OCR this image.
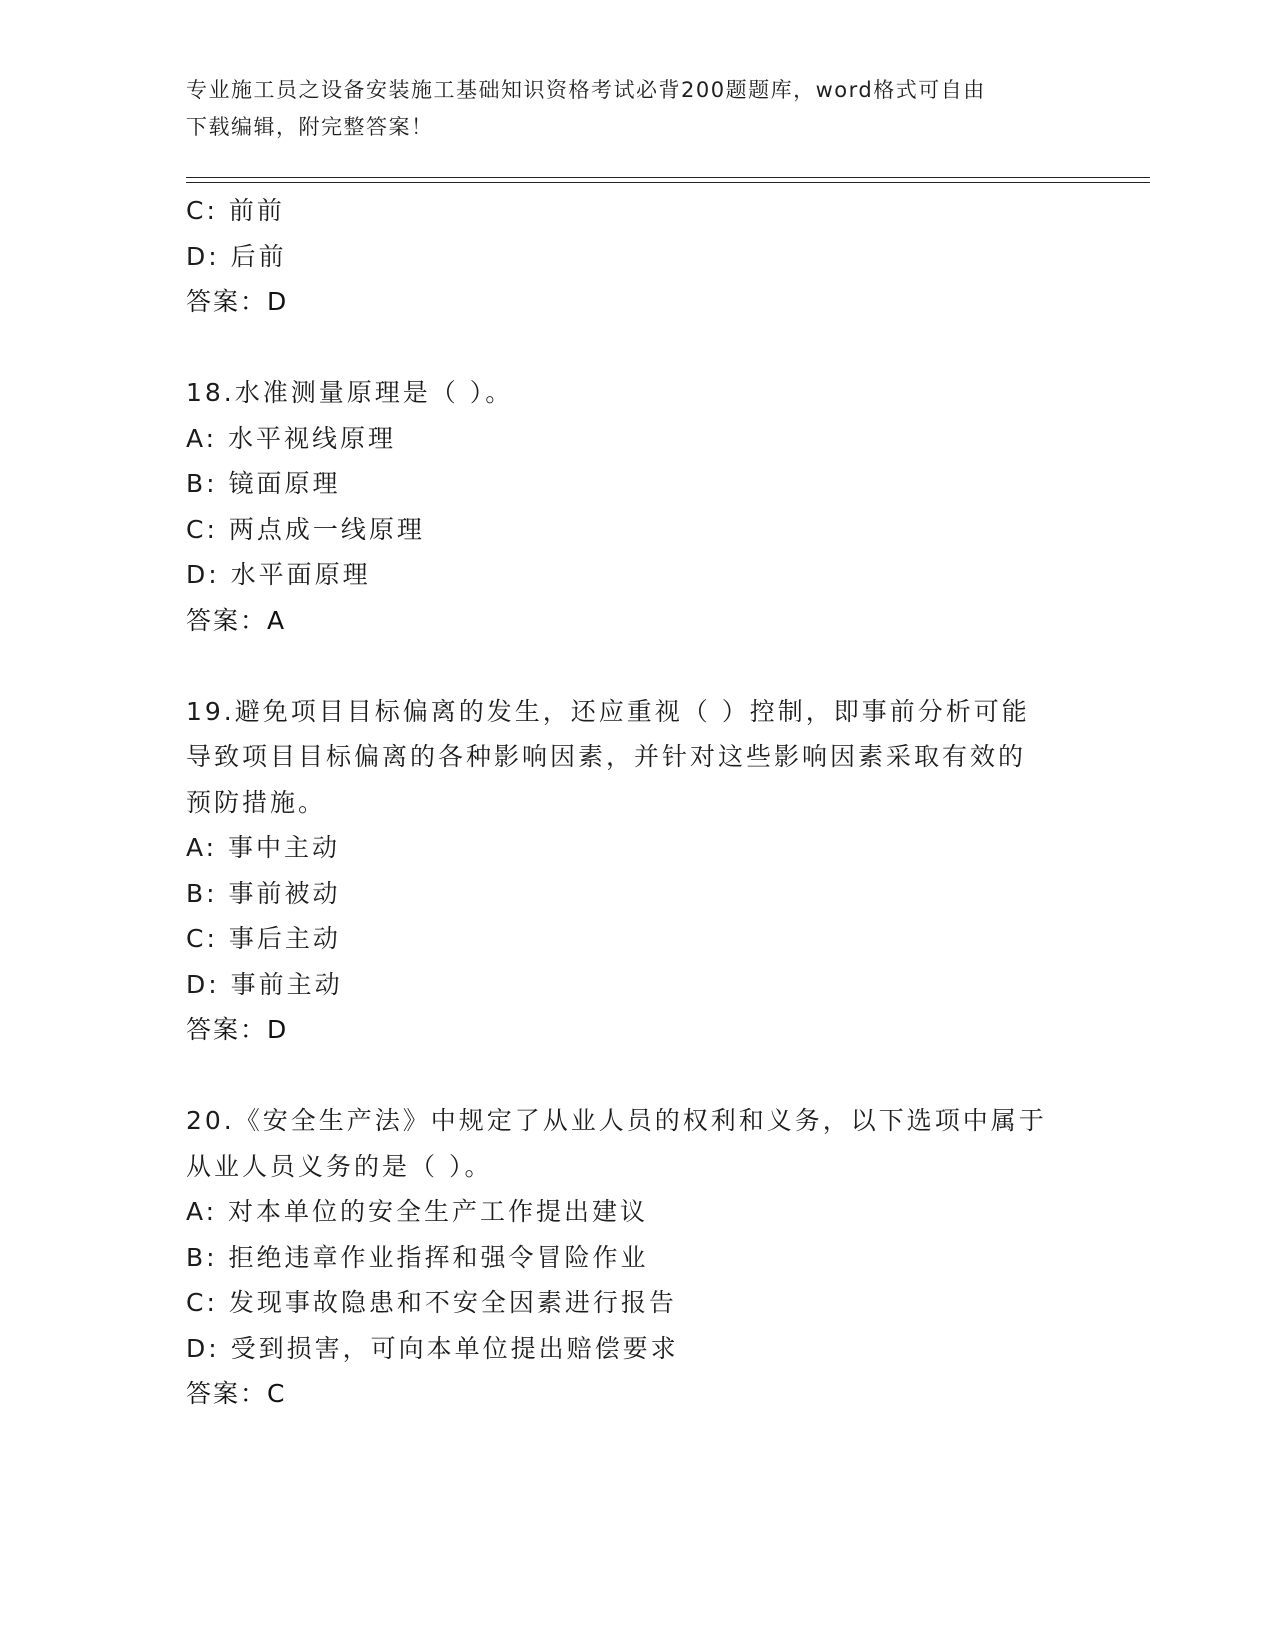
专业施工员之设备安装施工基础知识资格考试必背200题题库，word格式可自由
下载编辑，附完整答案！
C: 前前
D: 后前
答案：D
18.水准测量原理是（ ）。
A: 水平视线原理
B: 镜面原理
C: 两点成一线原理
D: 水平面原理
答案：A
19.避免项目目标偏离的发生，还应重视（ ）控制，即事前分析可能
导致项目目标偏离的各种影响因素，并针对这些影响因素采取有效的
预防措施。
A: 事中主动
B: 事前被动
C: 事后主动
D: 事前主动
答案：D
20.《安全生产法》中规定了从业人员的权利和义务，以下选项中属于
从业人员义务的是（ ）。
A: 对本单位的安全生产工作提出建议
B: 拒绝违章作业指挥和强令冒险作业
C: 发现事故隐患和不安全因素进行报告
D: 受到损害，可向本单位提出赔偿要求
答案：C
